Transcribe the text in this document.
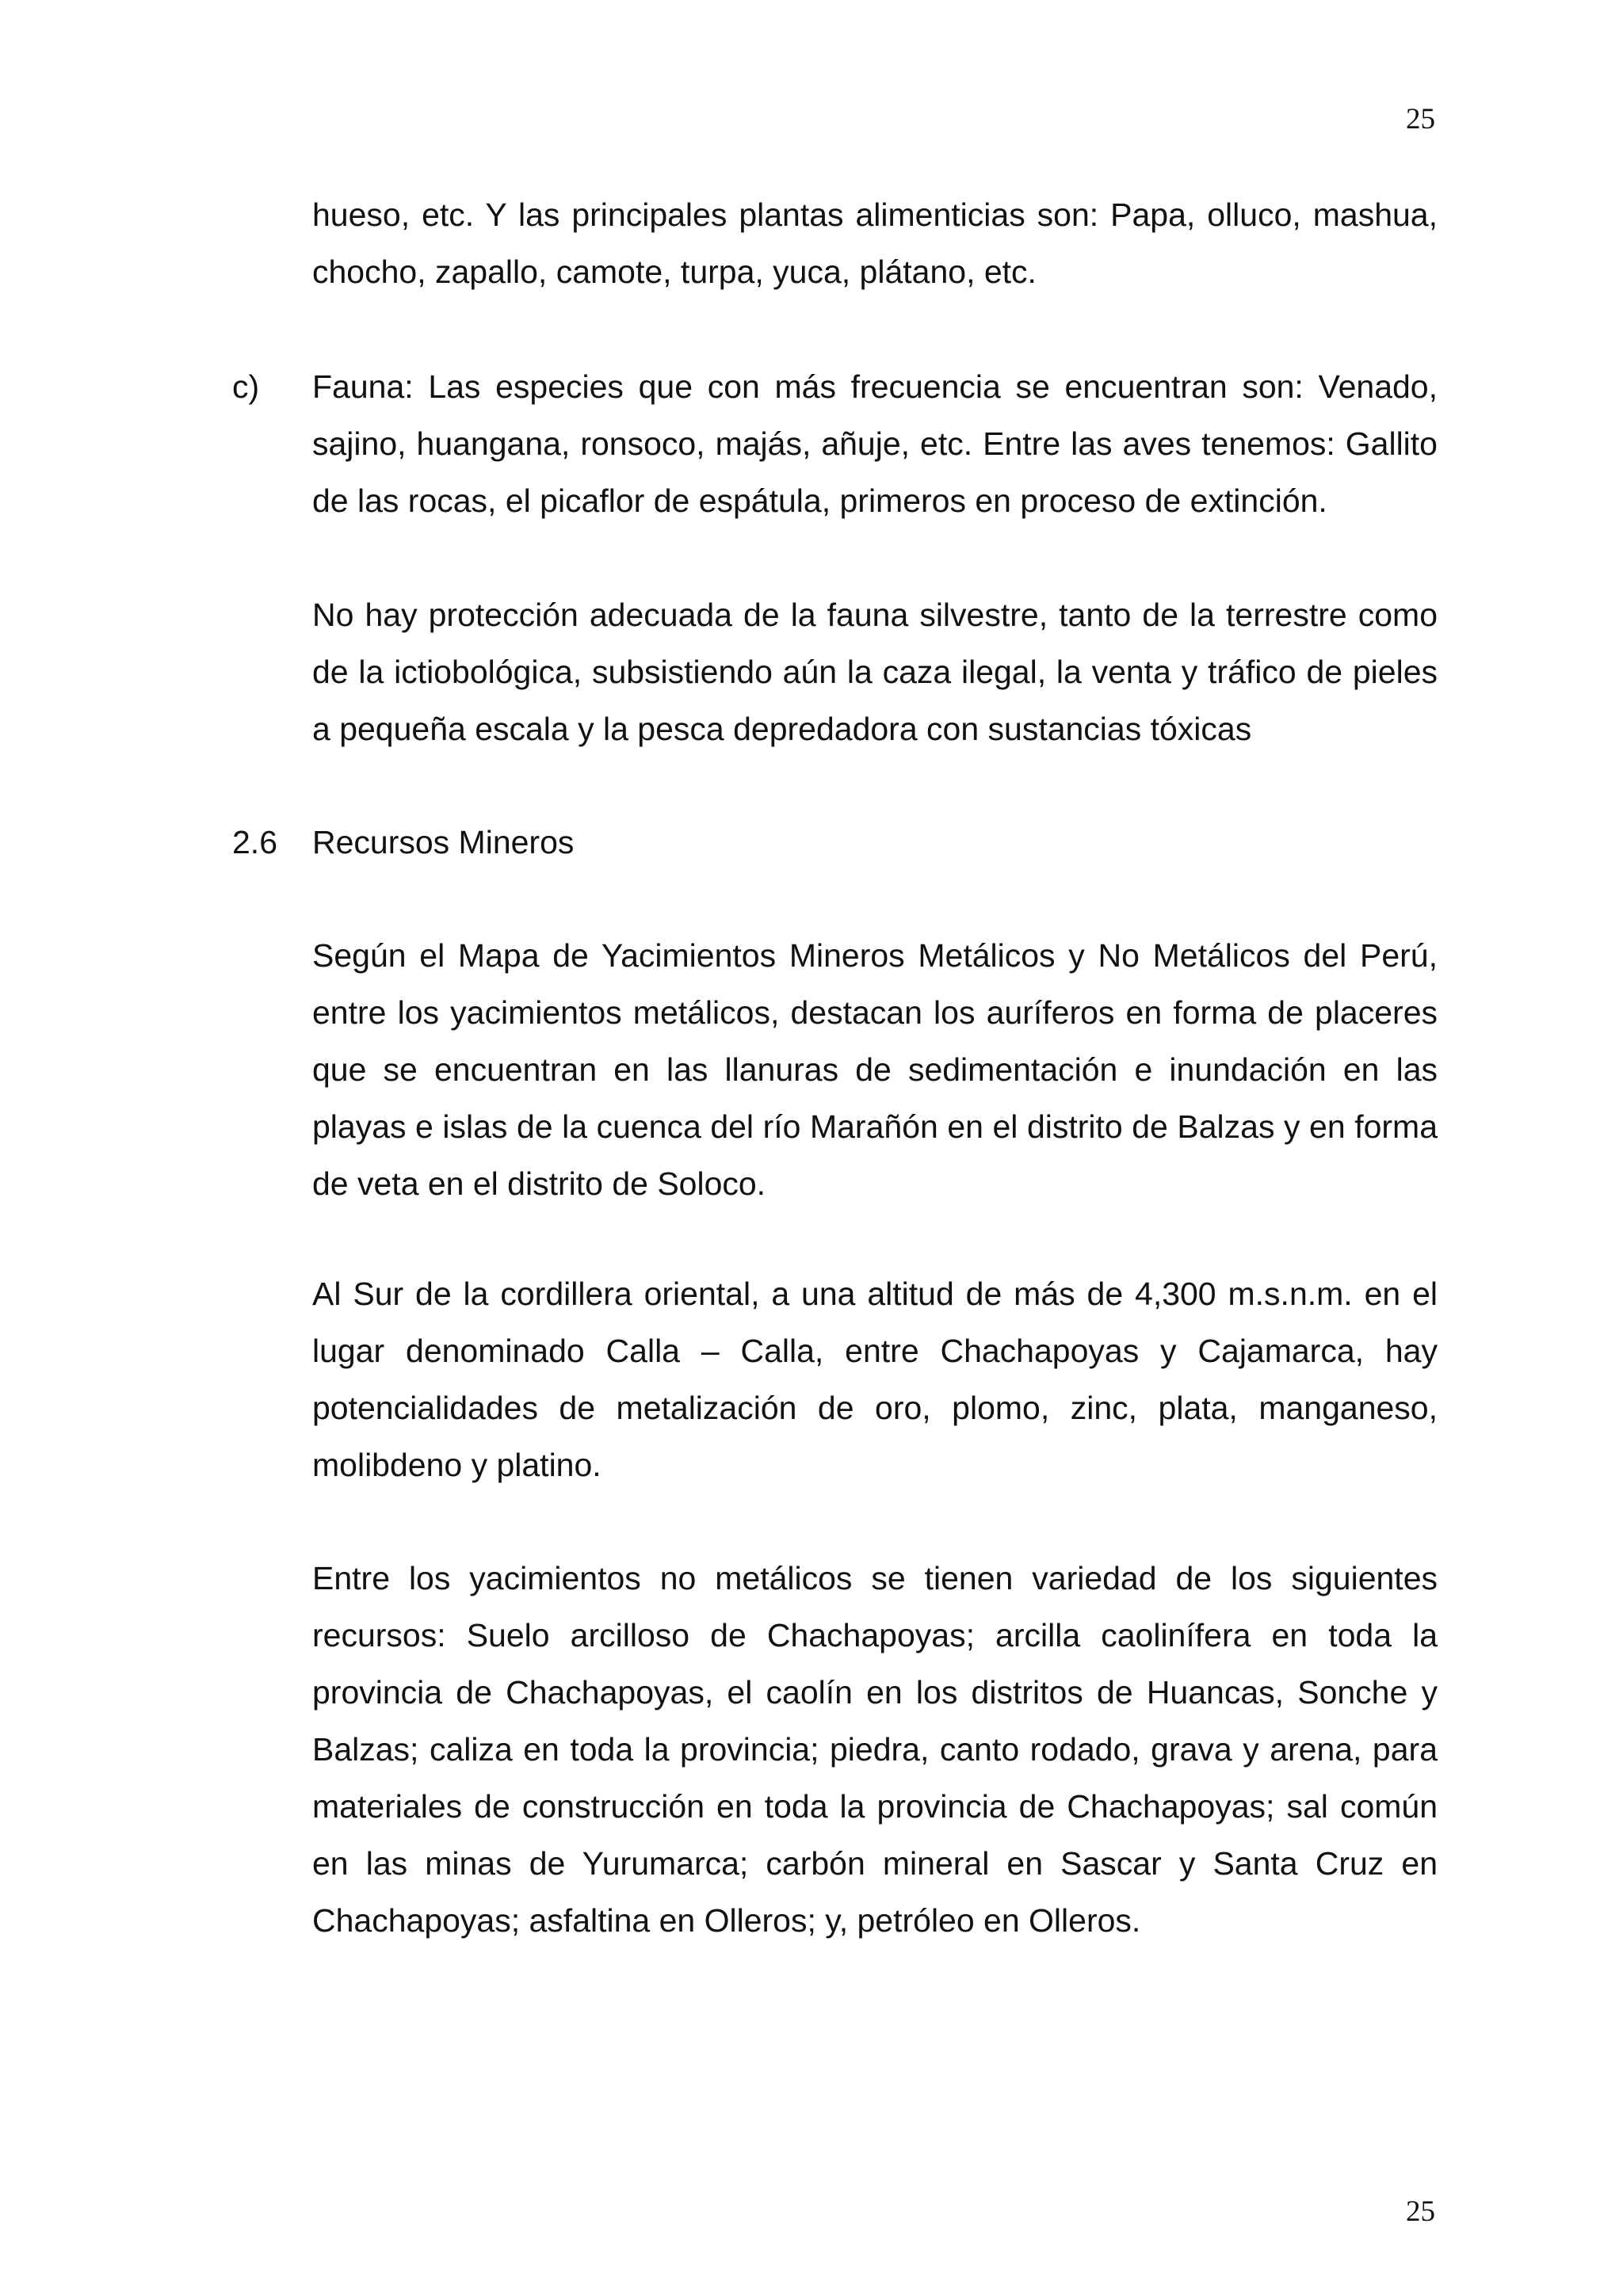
25

hueso, etc. Y las principales plantas alimenticias son: Papa, olluco, mashua, chocho, zapallo, camote, turpa, yuca, plátano, etc.

c) Fauna: Las especies que con más frecuencia se encuentran son: Venado, sajino, huangana, ronsoco, majás, añuje, etc. Entre las aves tenemos: Gallito de las rocas, el picaflor de espátula, primeros en proceso de extinción.

No hay protección adecuada de la fauna silvestre, tanto de la terrestre como de la ictiobológica, subsistiendo aún la caza ilegal, la venta y tráfico de pieles a pequeña escala y la pesca depredadora con sustancias tóxicas

2.6 Recursos Mineros

Según el Mapa de Yacimientos Mineros Metálicos y No Metálicos del Perú, entre los yacimientos metálicos, destacan los auríferos en forma de placeres que se encuentran en las llanuras de sedimentación e inundación en las playas e islas de la cuenca del río Marañón en el distrito de Balzas y en forma de veta en el distrito de Soloco.

Al Sur de la cordillera oriental, a una altitud de más de 4,300 m.s.n.m. en el lugar denominado Calla – Calla, entre Chachapoyas y Cajamarca, hay potencialidades de metalización de oro, plomo, zinc, plata, manganeso, molibdeno y platino.

Entre los yacimientos no metálicos se tienen variedad de los siguientes recursos: Suelo arcilloso de Chachapoyas; arcilla caolinífera en toda la provincia de Chachapoyas, el caolín en los distritos de Huancas, Sonche y Balzas; caliza en toda la provincia; piedra, canto rodado, grava y arena, para materiales de construcción en toda la provincia de Chachapoyas; sal común en las minas de Yurumarca; carbón mineral en Sascar y Santa Cruz en Chachapoyas; asfaltina en Olleros; y, petróleo en Olleros.

25
